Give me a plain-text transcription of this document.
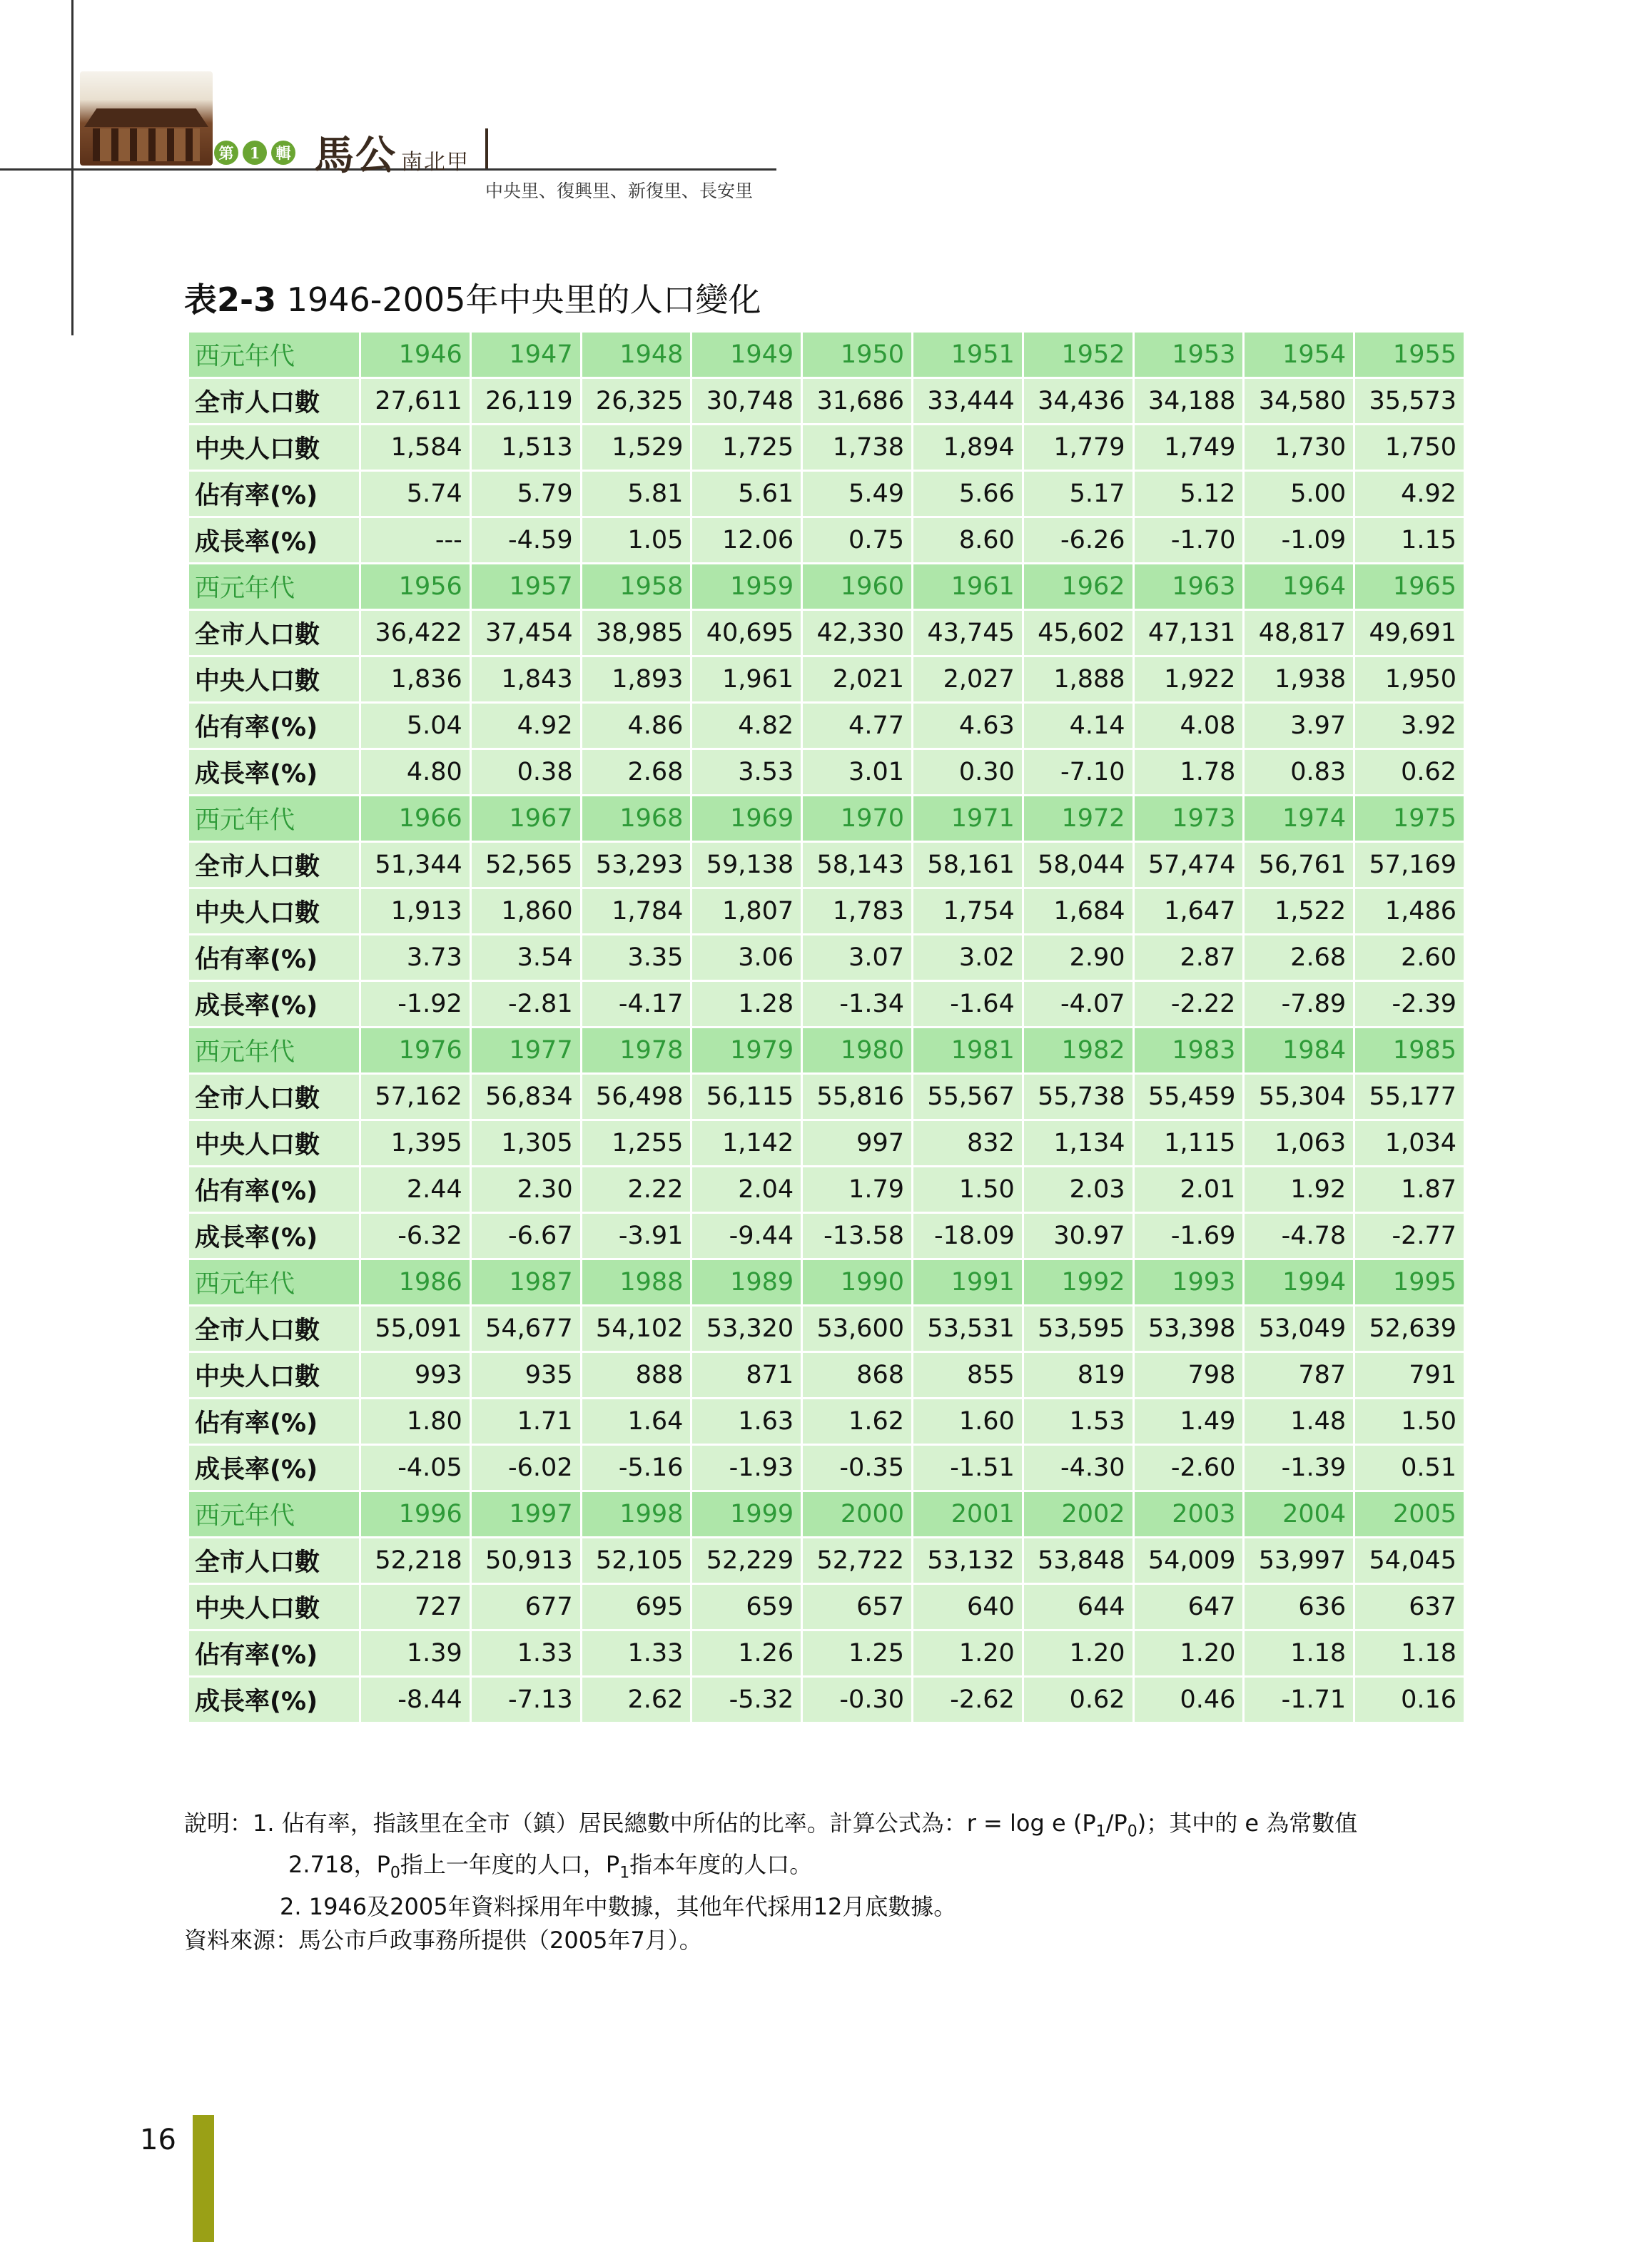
第	1	輯 馬公 南北甲
中央里、復興里、新復里、長安里
表2-3 1946-2005年中央里的人口變化
西元年代	1946	1947	1948	1949	1950	1951	1952	1953	1954	1955
全市人口數	27,611	26,119	26,325	30,748	31,686	33,444	34,436	34,188	34,580	35,573
中央人口數	1,584	1,513	1,529	1,725	1,738	1,894	1,779	1,749	1,730	1,750
佔有率(%)	5.74	5.79	5.81	5.61	5.49	5.66	5.17	5.12	5.00	4.92
成長率(%)	---	-4.59	1.05	12.06	0.75	8.60	-6.26	-1.70	-1.09	1.15
西元年代	1956	1957	1958	1959	1960	1961	1962	1963	1964	1965
全市人口數	36,422	37,454	38,985	40,695	42,330	43,745	45,602	47,131	48,817	49,691
中央人口數	1,836	1,843	1,893	1,961	2,021	2,027	1,888	1,922	1,938	1,950
佔有率(%)	5.04	4.92	4.86	4.82	4.77	4.63	4.14	4.08	3.97	3.92
成長率(%)	4.80	0.38	2.68	3.53	3.01	0.30	-7.10	1.78	0.83	0.62
西元年代	1966	1967	1968	1969	1970	1971	1972	1973	1974	1975
全市人口數	51,344	52,565	53,293	59,138	58,143	58,161	58,044	57,474	56,761	57,169
中央人口數	1,913	1,860	1,784	1,807	1,783	1,754	1,684	1,647	1,522	1,486
佔有率(%)	3.73	3.54	3.35	3.06	3.07	3.02	2.90	2.87	2.68	2.60
成長率(%)	-1.92	-2.81	-4.17	1.28	-1.34	-1.64	-4.07	-2.22	-7.89	-2.39
西元年代	1976	1977	1978	1979	1980	1981	1982	1983	1984	1985
全市人口數	57,162	56,834	56,498	56,115	55,816	55,567	55,738	55,459	55,304	55,177
中央人口數	1,395	1,305	1,255	1,142	997	832	1,134	1,115	1,063	1,034
佔有率(%)	2.44	2.30	2.22	2.04	1.79	1.50	2.03	2.01	1.92	1.87
成長率(%)	-6.32	-6.67	-3.91	-9.44	-13.58	-18.09	30.97	-1.69	-4.78	-2.77
西元年代	1986	1987	1988	1989	1990	1991	1992	1993	1994	1995
全市人口數	55,091	54,677	54,102	53,320	53,600	53,531	53,595	53,398	53,049	52,639
中央人口數	993	935	888	871	868	855	819	798	787	791
佔有率(%)	1.80	1.71	1.64	1.63	1.62	1.60	1.53	1.49	1.48	1.50
成長率(%)	-4.05	-6.02	-5.16	-1.93	-0.35	-1.51	-4.30	-2.60	-1.39	0.51
西元年代	1996	1997	1998	1999	2000	2001	2002	2003	2004	2005
全市人口數	52,218	50,913	52,105	52,229	52,722	53,132	53,848	54,009	53,997	54,045
中央人口數	727	677	695	659	657	640	644	647	636	637
佔有率(%)	1.39	1.33	1.33	1.26	1.25	1.20	1.20	1.20	1.18	1.18
成長率(%)	-8.44	-7.13	2.62	-5.32	-0.30	-2.62	0.62	0.46	-1.71	0.16
說明：1. 佔有率，指該里在全市（鎮）居民總數中所佔的比率。計算公式為：r = log e $(P_1/P_0)$；其中的 e 為常數值
2.718，$P_0$指上一年度的人口，$P_1$指本年度的人口。
2. 1946及2005年資料採用年中數據，其他年代採用12月底數據。
資料來源：馬公市戶政事務所提供（2005年7月）。
16
